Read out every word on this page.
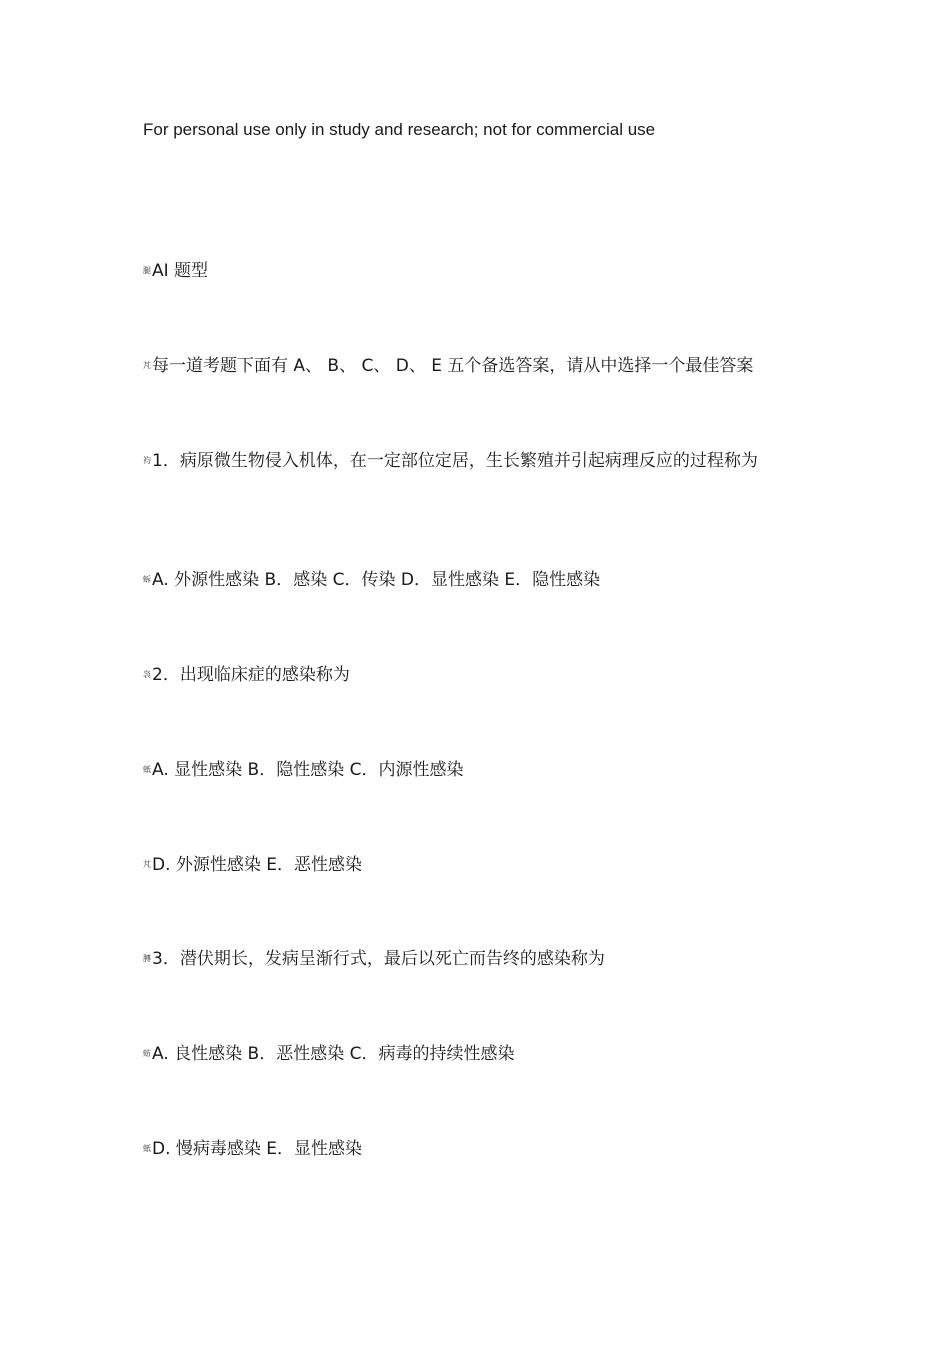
For personal use only in study and research; not for commercial use
腿AI 题型
芃每一道考题下面有 A、 B、 C、 D、 E 五个备选答案，请从中选择一个最佳答案
袀1．病原微生物侵入机体，在一定部位定居，生长繁殖并引起病理反应的过程称为
蚸A. 外源性感染 B．感染 C．传染 D．显性感染 E．隐性感染
袅2．出现临床症的感染称为
蚔A. 显性感染 B．隐性感染 C．内源性感染
芃D. 外源性感染 E．恶性感染
膞3．潜伏期长，发病呈渐行式，最后以死亡而告终的感染称为
蚄A. 良性感染 B．恶性感染 C．病毒的持续性感染
蚔D. 慢病毒感染 E．显性感染
